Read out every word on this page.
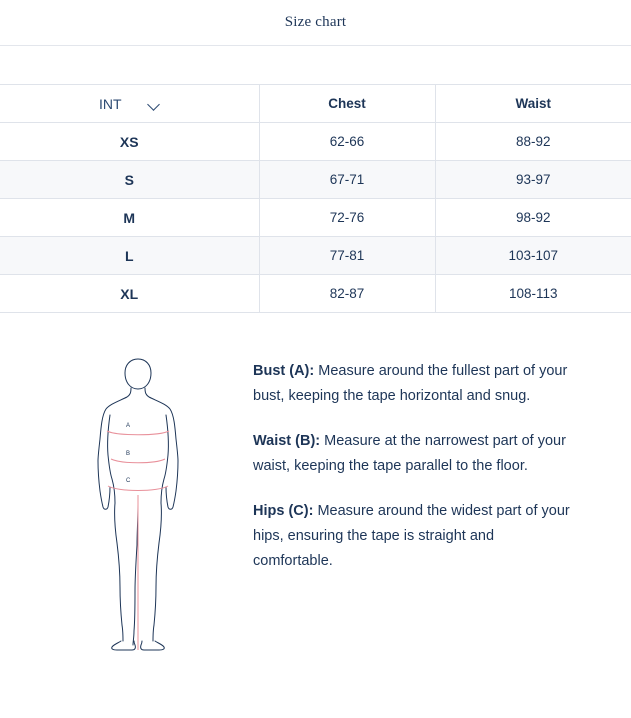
Size chart
INT	Chest	Waist
XS	62-66	88-92
S	67-71	93-97
M	72-76	98-92
L	77-81	103-107
XL	82-87	108-113
A
B
C

Bust (A): Measure around the fullest part of your bust, keeping the tape horizontal and snug.

Waist (B): Measure at the narrowest part of your waist, keeping the tape parallel to the floor.

Hips (C): Measure around the widest part of your hips, ensuring the tape is straight and comfortable.
